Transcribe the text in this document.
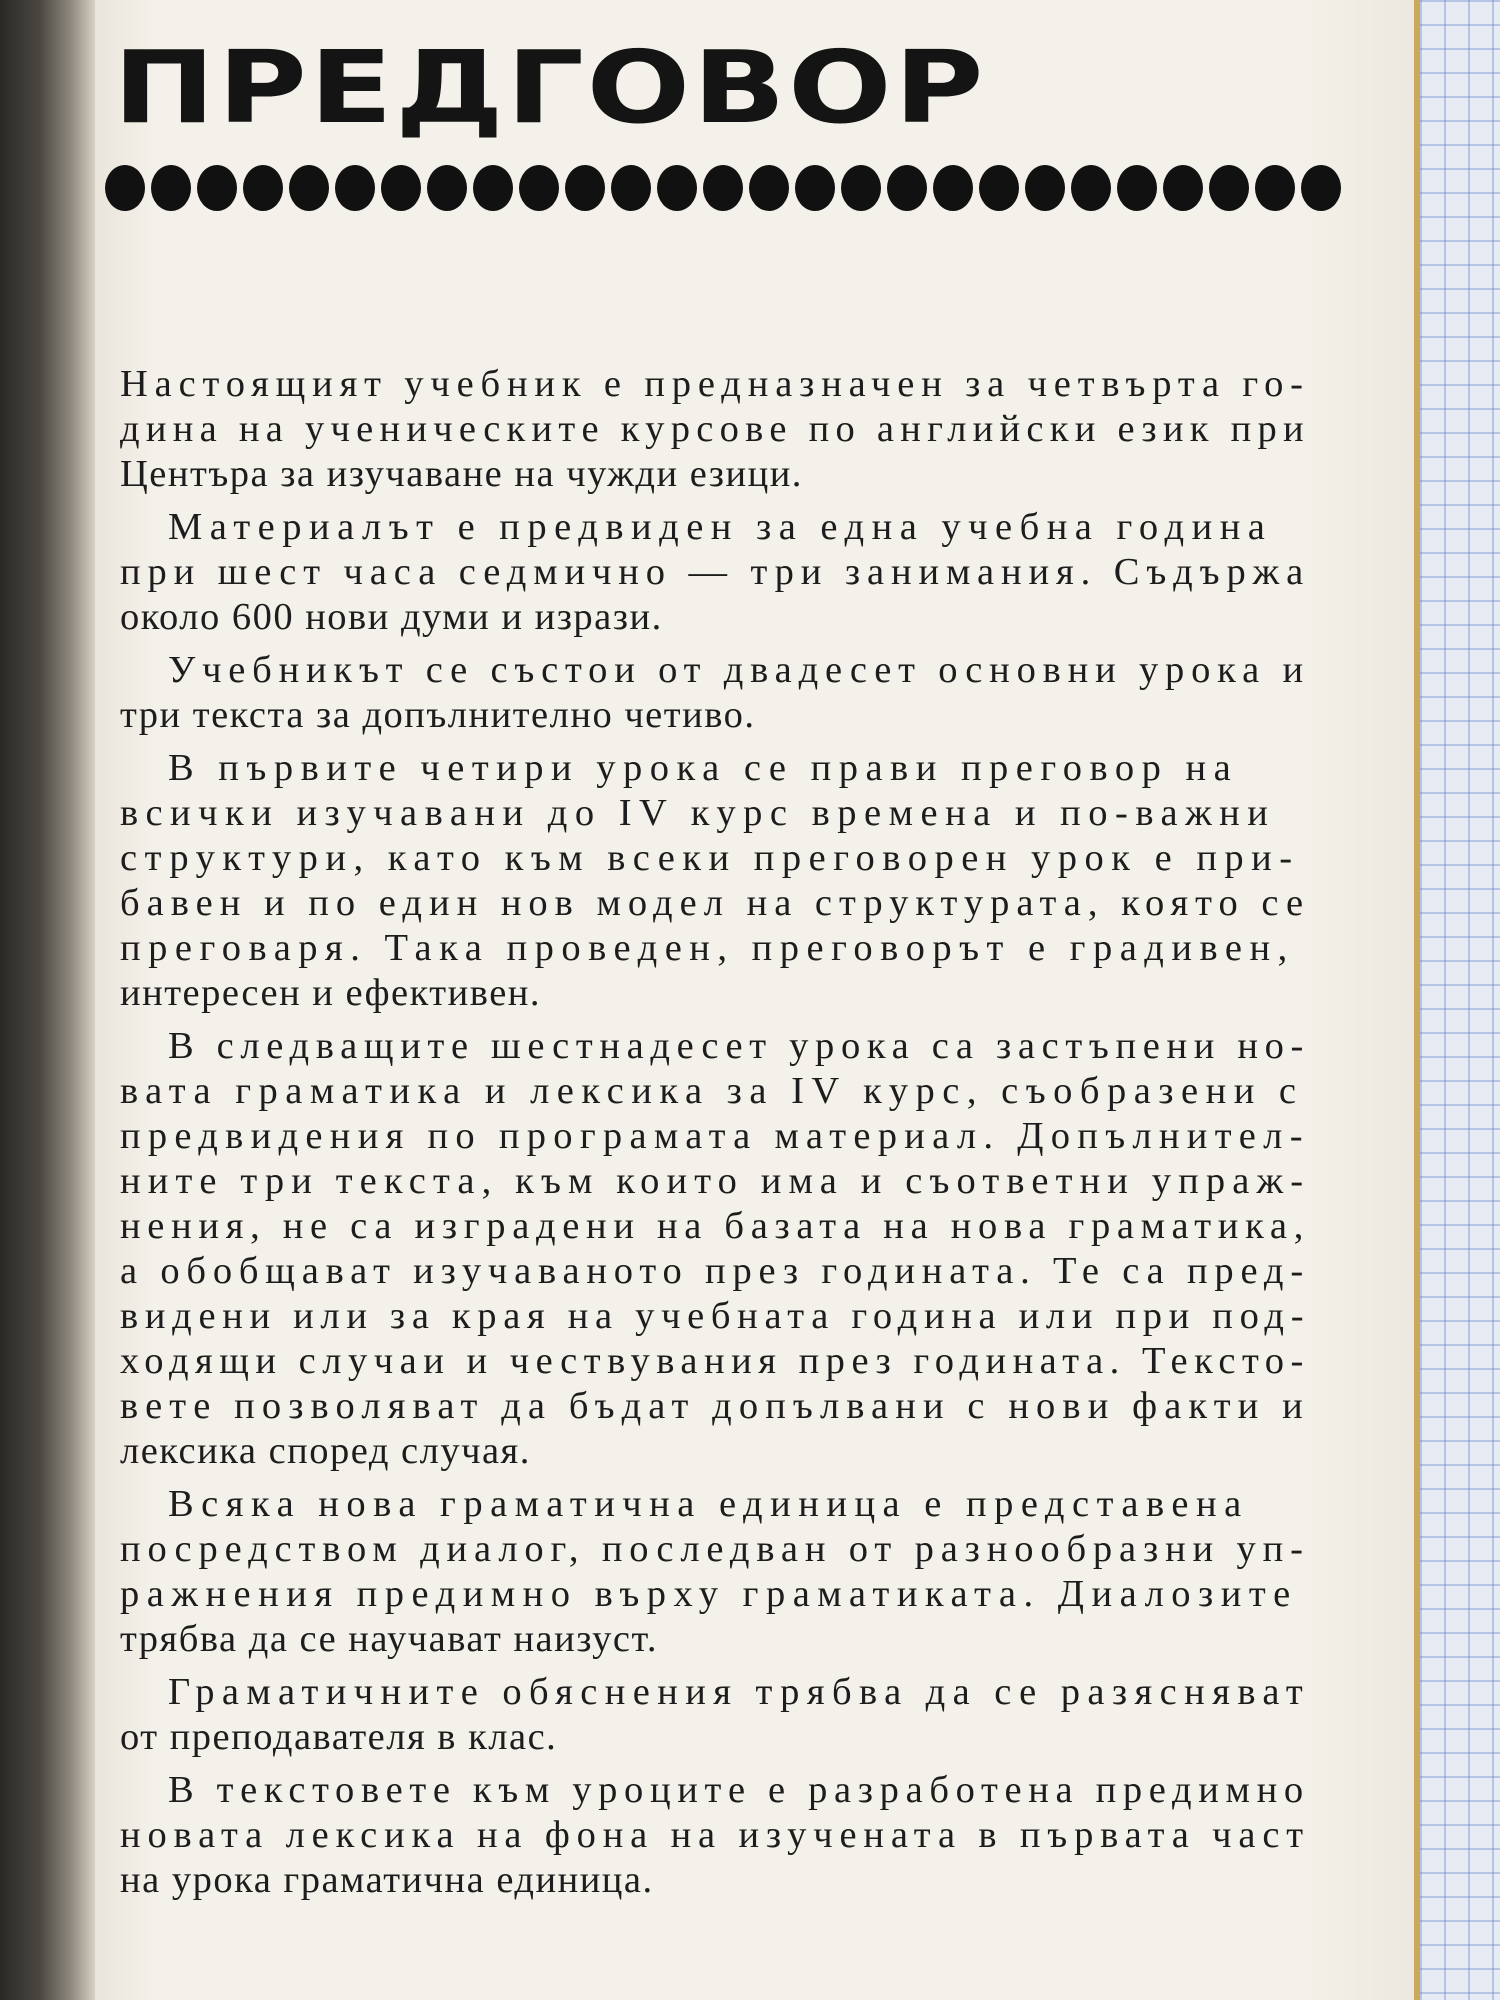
ПРЕДГОВОР
Настоящият учебник е предназначен за четвърта го-
дина на ученическите курсове по английски език при
Центъра за изучаване на чужди езици.
Материалът е предвиден за една учебна година
при шест часа седмично — три занимания. Съдържа
около 600 нови думи и изрази.
Учебникът се състои от двадесет основни урока и
три текста за допълнително четиво.
В първите четири урока се прави преговор на
всички изучавани до IV курс времена и по-важни
структури, като към всеки преговорен урок е при-
бавен и по един нов модел на структурата, която се
преговаря. Така проведен, преговорът е градивен,
интересен и ефективен.
В следващите шестнадесет урока са застъпени но-
вата граматика и лексика за IV курс, съобразени с
предвидения по програмата материал. Допълнител-
ните три текста, към които има и съответни упраж-
нения, не са изградени на базата на нова граматика,
а обобщават изучаваното през годината. Те са пред-
видени или за края на учебната година или при под-
ходящи случаи и чествувания през годината. Тексто-
вете позволяват да бъдат допълвани с нови факти и
лексика според случая.
Всяка нова граматична единица е представена
посредством диалог, последван от разнообразни уп-
ражнения предимно върху граматиката. Диалозите
трябва да се научават наизуст.
Граматичните обяснения трябва да се разясняват
от преподавателя в клас.
В текстовете към уроците е разработена предимно
новата лексика на фона на изучената в първата част
на урока граматична единица.
